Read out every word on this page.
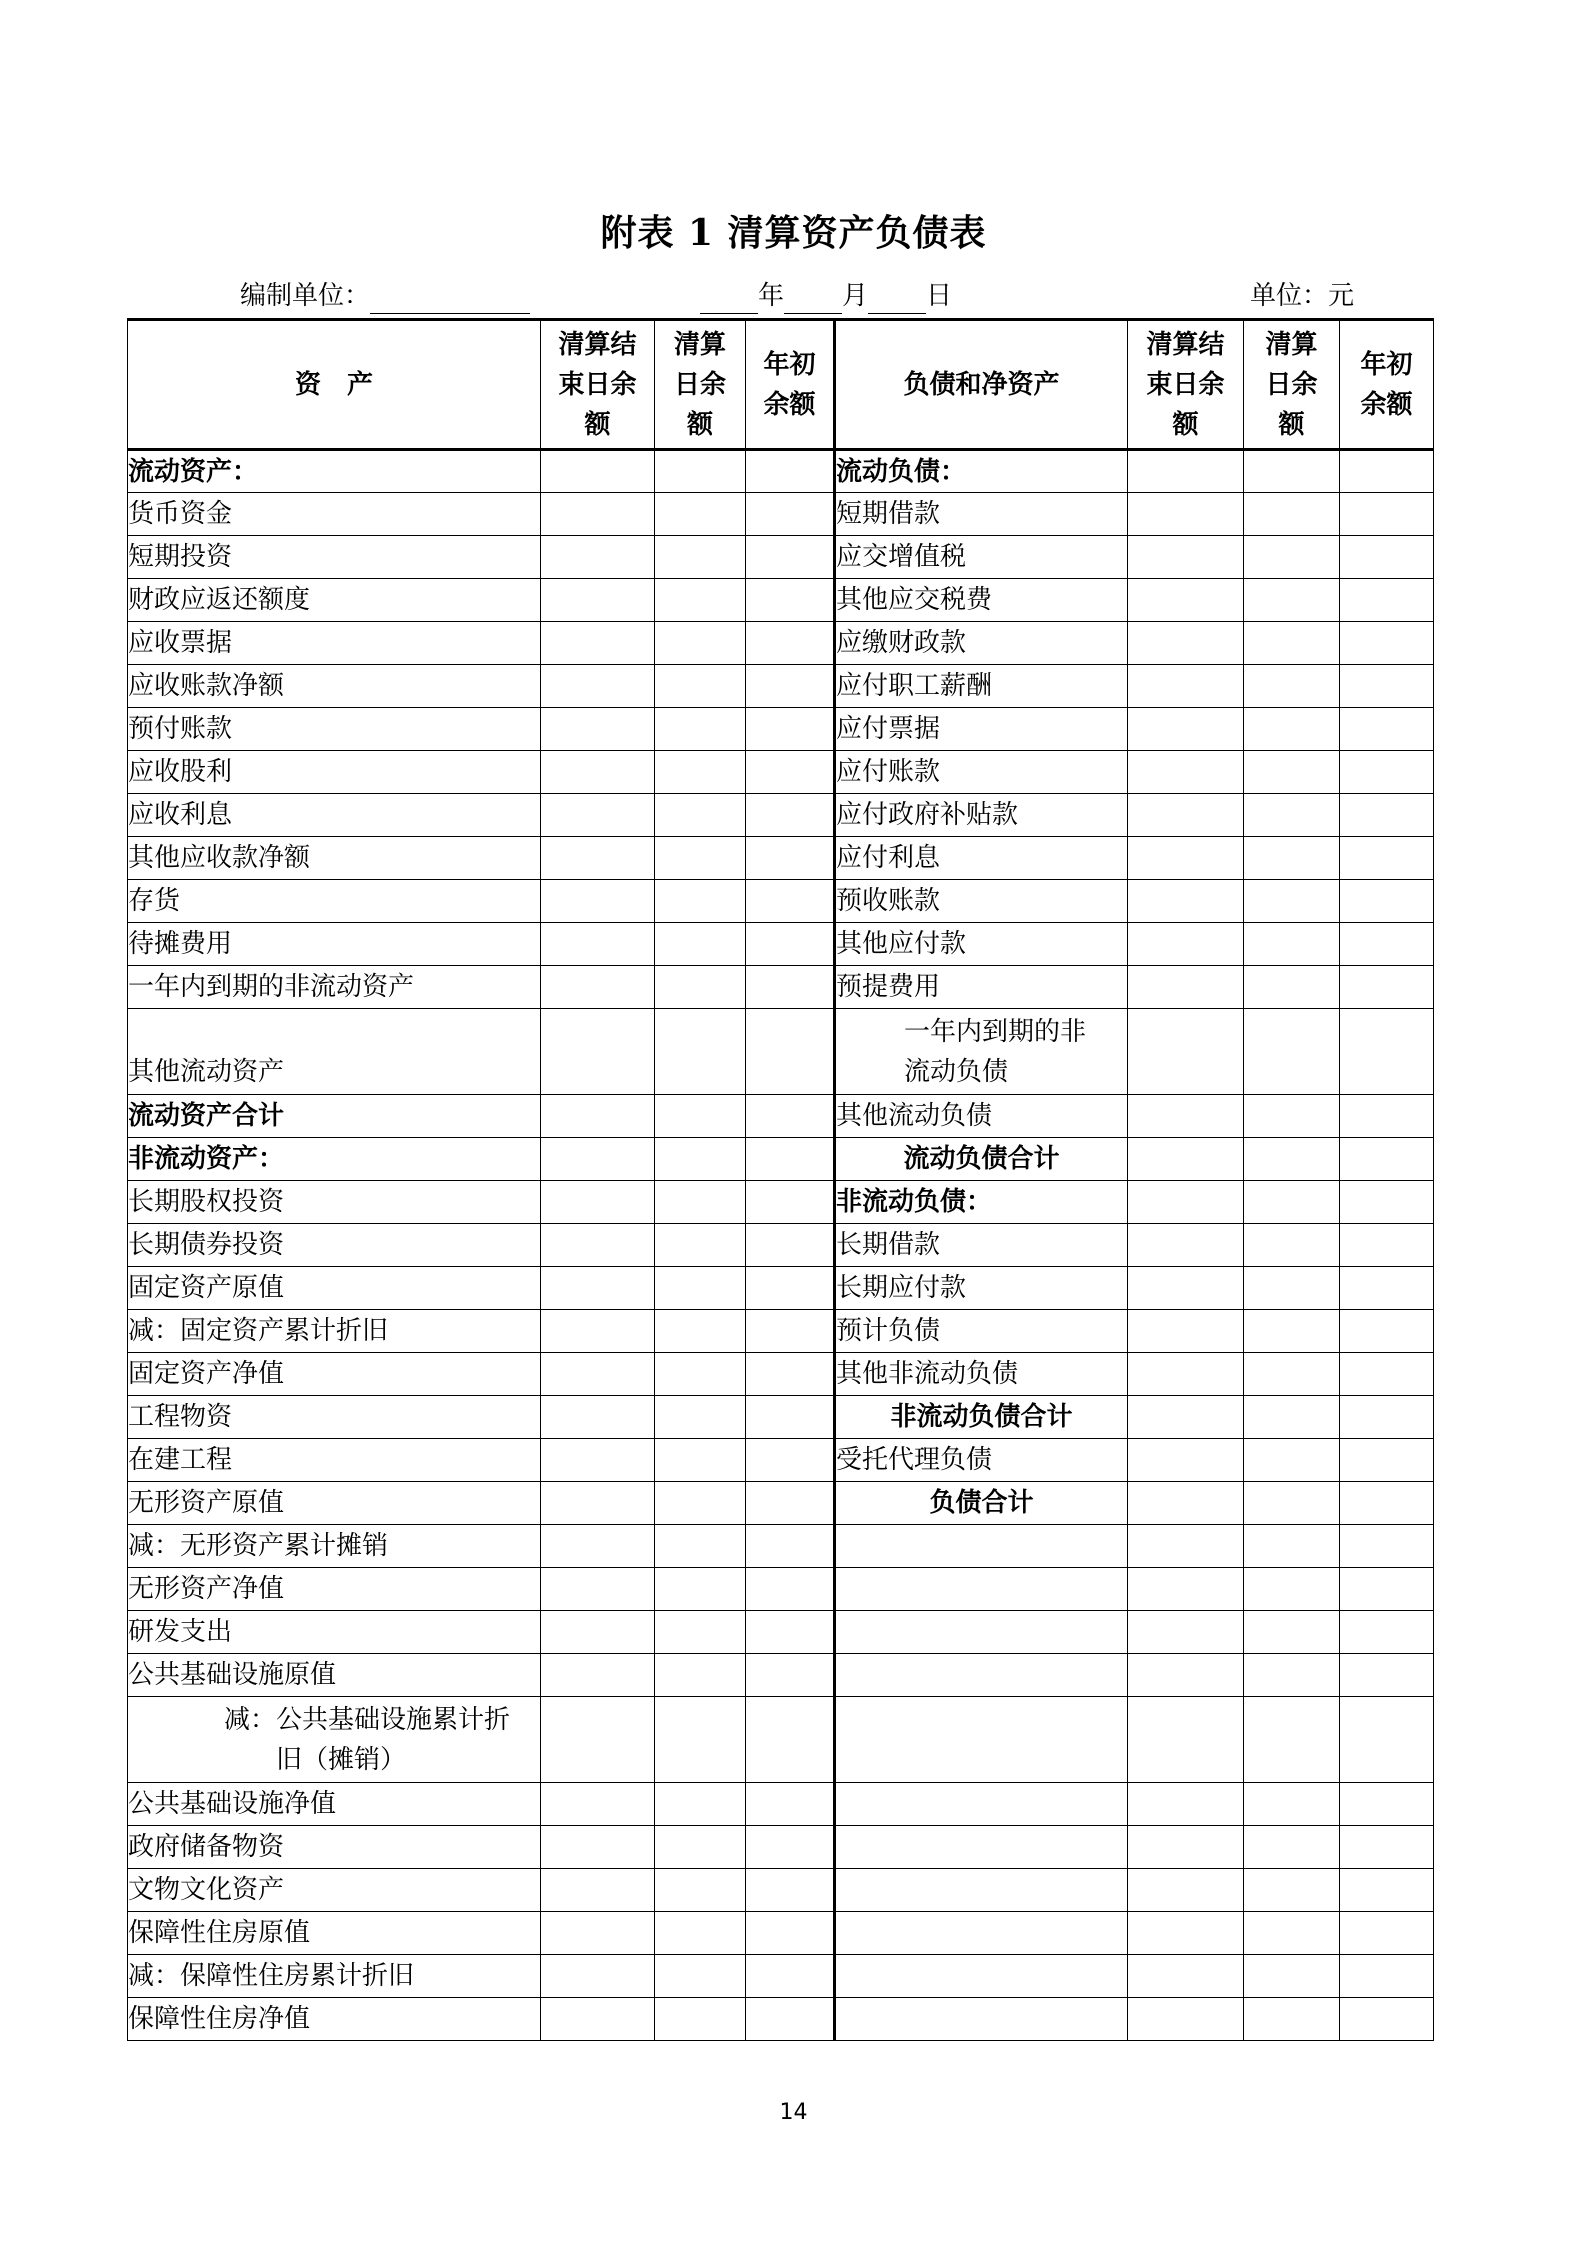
附表 1 清算资产负债表
编制单位：	年 月 日	单位：元
资　产	清算结
束日余
额	清算
日余
额	年初
余额	负债和净资产	清算结
束日余
额	清算
日余
额	年初
余额
流动资产：				流动负债：			
货币资金				短期借款			
短期投资				应交增值税			
财政应返还额度				其他应交税费			
应收票据				应缴财政款			
应收账款净额				应付职工薪酬			
预付账款				应付票据			
应收股利				应付账款			
应收利息				应付政府补贴款			
其他应收款净额				应付利息			
存货				预收账款			
待摊费用				其他应付款			
一年内到期的非流动资产				预提费用			
其他流动资产				一年内到期的非
流动负债			
流动资产合计				其他流动负债			
非流动资产：				流动负债合计			
长期股权投资				非流动负债：			
长期债券投资				长期借款			
固定资产原值				长期应付款			
减：固定资产累计折旧				预计负债			
固定资产净值				其他非流动负债			
工程物资				非流动负债合计			
在建工程				受托代理负债			
无形资产原值				负债合计			
减：无形资产累计摊销							
无形资产净值							
研发支出							
公共基础设施原值							
减：公共基础设施累计折
旧（摊销）							

公共基础设施净值							
政府储备物资							
文物文化资产							
保障性住房原值							
减：保障性住房累计折旧							
保障性住房净值							
14
